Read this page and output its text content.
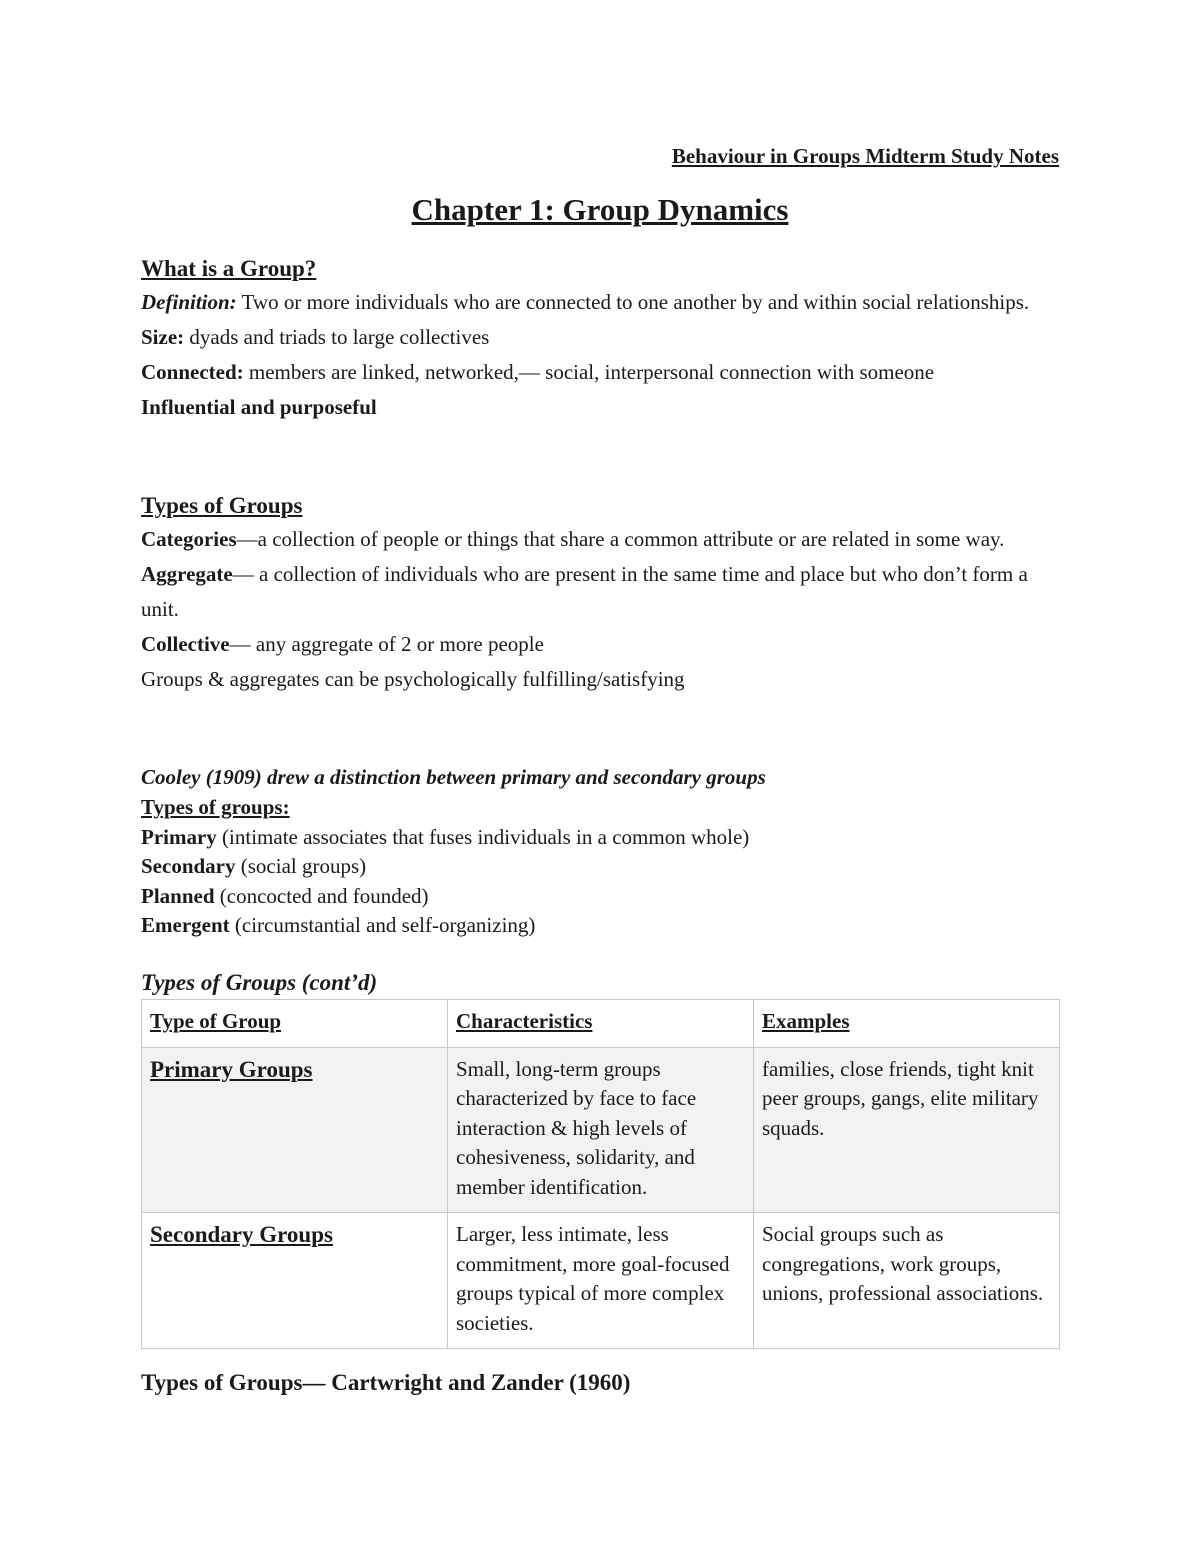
Behaviour in Groups Midterm Study Notes
Chapter 1: Group Dynamics
What is a Group?
Definition: Two or more individuals who are connected to one another by and within social relationships.
Size: dyads and triads to large collectives
Connected: members are linked, networked,— social, interpersonal connection with someone
Influential and purposeful
Types of Groups
Categories—a collection of people or things that share a common attribute or are related in some way.
Aggregate— a collection of individuals who are present in the same time and place but who don’t form a unit.
Collective— any aggregate of 2 or more people
Groups & aggregates can be psychologically fulfilling/satisfying
Cooley (1909) drew a distinction between primary and secondary groups
Types of groups:
Primary (intimate associates that fuses individuals in a common whole)
Secondary (social groups)
Planned (concocted and founded)
Emergent (circumstantial and self-organizing)
Types of Groups (cont’d)
Type of Group	Characteristics	Examples
Primary Groups	Small, long-term groups characterized by face to face interaction & high levels of cohesiveness, solidarity, and member identification.	families, close friends, tight knit peer groups, gangs, elite military squads.
Secondary Groups	Larger, less intimate, less commitment, more goal-focused groups typical of more complex societies.	Social groups such as congregations, work groups, unions, professional associations.
Types of Groups— Cartwright and Zander (1960)
